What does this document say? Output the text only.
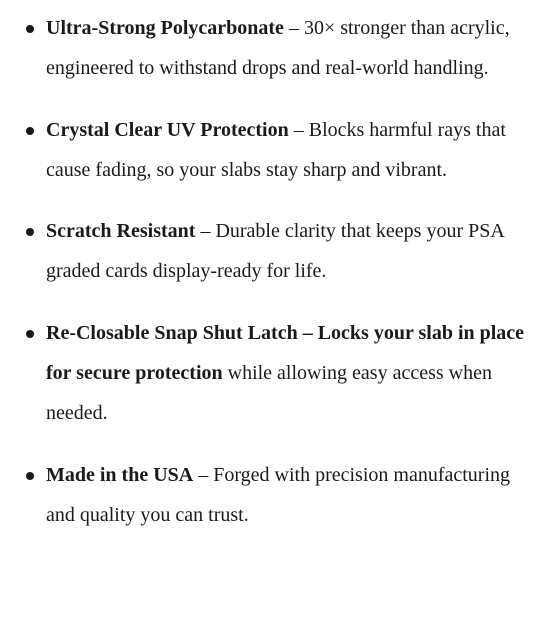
Ultra-Strong Polycarbonate – 30× stronger than acrylic, engineered to withstand drops and real-world handling.
Crystal Clear UV Protection – Blocks harmful rays that cause fading, so your slabs stay sharp and vibrant.
Scratch Resistant – Durable clarity that keeps your PSA graded cards display-ready for life.
Re-Closable Snap Shut Latch – Locks your slab in place for secure protection while allowing easy access when needed.
Made in the USA – Forged with precision manufacturing and quality you can trust.
